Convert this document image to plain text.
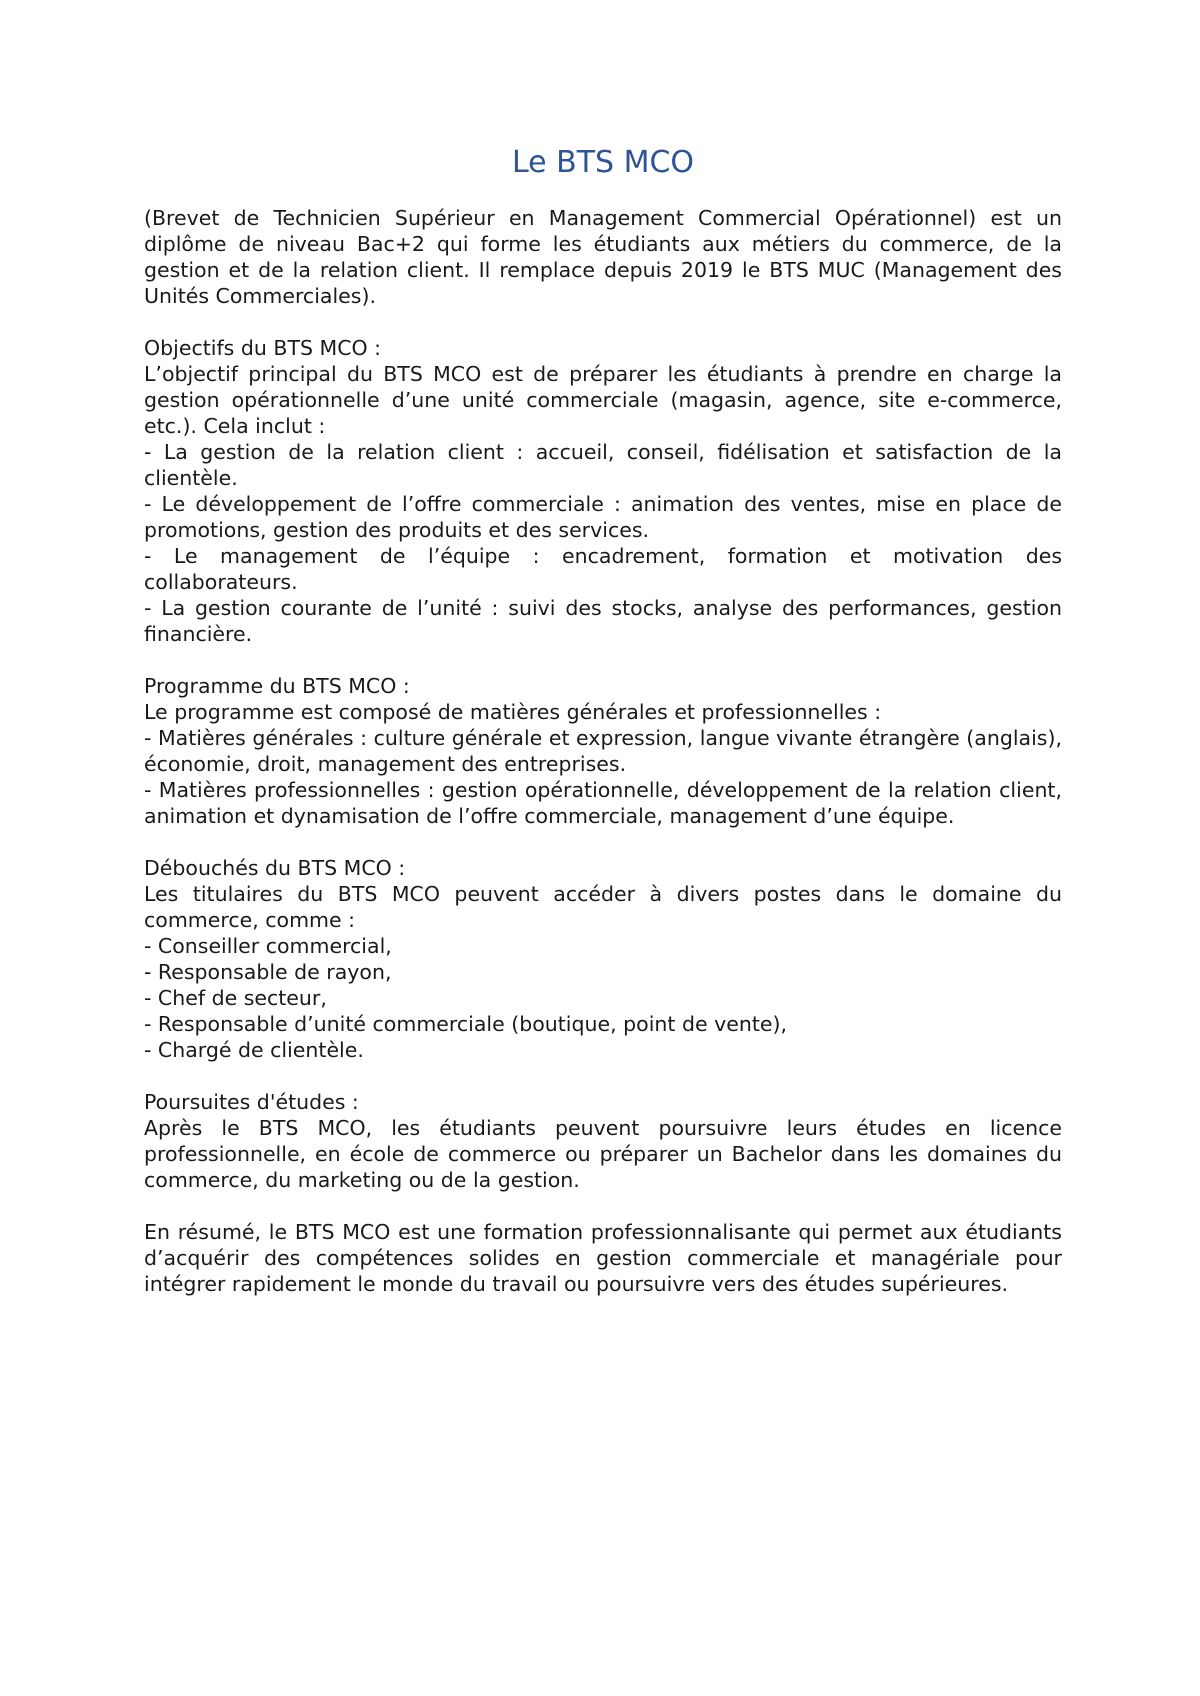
Le BTS MCO

(Brevet de Technicien Supérieur en Management Commercial Opérationnel) est un diplôme de niveau Bac+2 qui forme les étudiants aux métiers du commerce, de la gestion et de la relation client. Il remplace depuis 2019 le BTS MUC (Management des Unités Commerciales).

Objectifs du BTS MCO :

L’objectif principal du BTS MCO est de préparer les étudiants à prendre en charge la gestion opérationnelle d’une unité commerciale (magasin, agence, site e-commerce, etc.). Cela inclut :

- La gestion de la relation client : accueil, conseil, fidélisation et satisfaction de la clientèle.

- Le développement de l’offre commerciale : animation des ventes, mise en place de promotions, gestion des produits et des services.

- Le management de l’équipe : encadrement, formation et motivation des collaborateurs.

- La gestion courante de l’unité : suivi des stocks, analyse des performances, gestion financière.

Programme du BTS MCO :

Le programme est composé de matières générales et professionnelles :

- Matières générales : culture générale et expression, langue vivante étrangère (anglais), économie, droit, management des entreprises.

- Matières professionnelles : gestion opérationnelle, développement de la relation client, animation et dynamisation de l’offre commerciale, management d’une équipe.

Débouchés du BTS MCO :

Les titulaires du BTS MCO peuvent accéder à divers postes dans le domaine du commerce, comme :

- Conseiller commercial,

- Responsable de rayon,

- Chef de secteur,

- Responsable d’unité commerciale (boutique, point de vente),

- Chargé de clientèle.

Poursuites d'études :

Après le BTS MCO, les étudiants peuvent poursuivre leurs études en licence professionnelle, en école de commerce ou préparer un Bachelor dans les domaines du commerce, du marketing ou de la gestion.

En résumé, le BTS MCO est une formation professionnalisante qui permet aux étudiants d’acquérir des compétences solides en gestion commerciale et managériale pour intégrer rapidement le monde du travail ou poursuivre vers des études supérieures.
